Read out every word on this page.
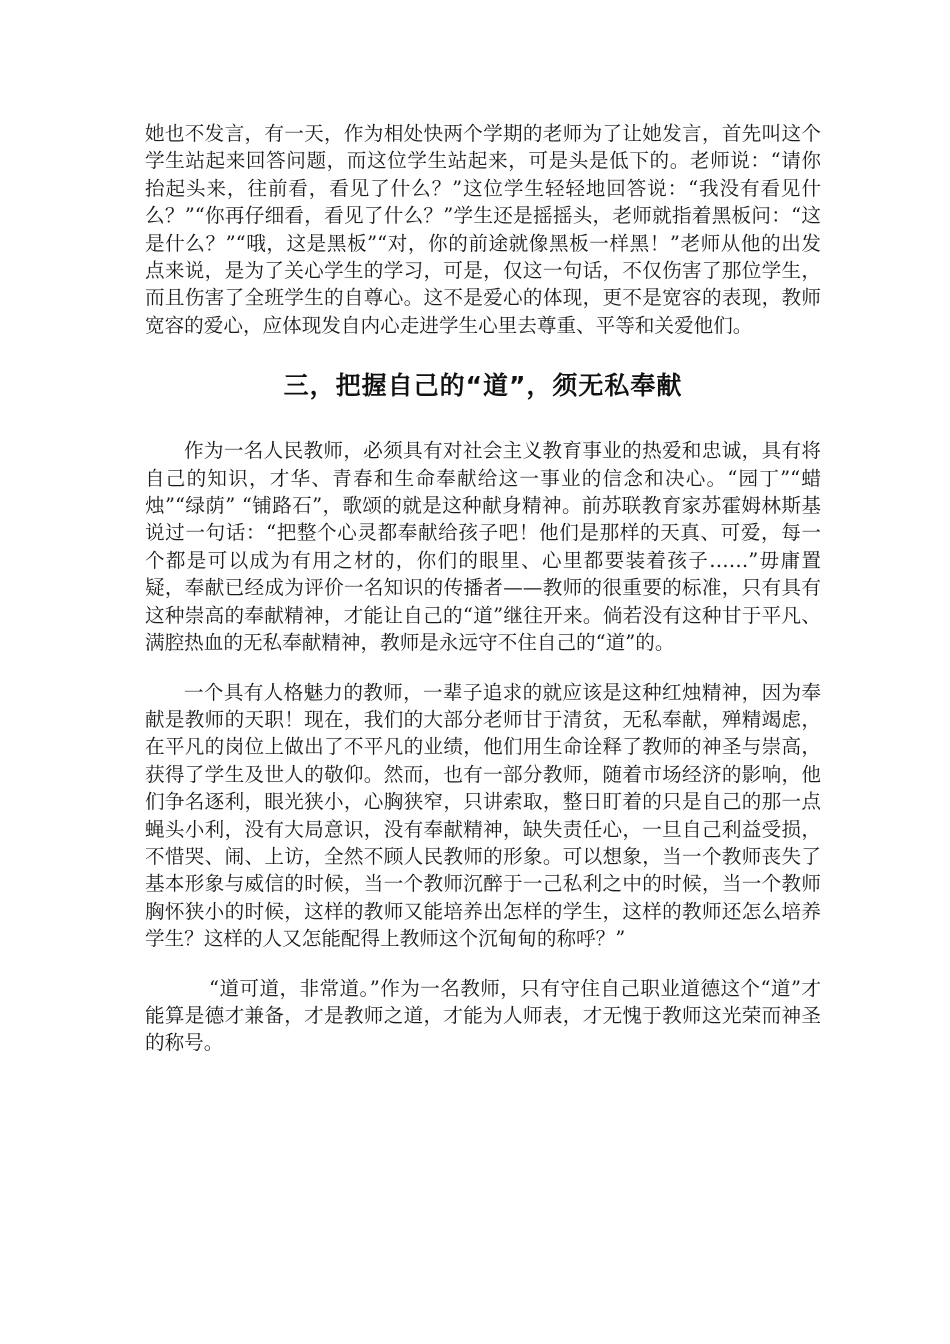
她也不发言，有一天，作为相处快两个学期的老师为了让她发言，首先叫这个学生站起来回答问题，而这位学生站起来，可是头是低下的。老师说：“请你抬起头来，往前看，看见了什么？”这位学生轻轻地回答说：“我没有看见什么？”“你再仔细看，看见了什么？”学生还是摇摇头，老师就指着黑板问：“这是什么？”“哦，这是黑板”“对，你的前途就像黑板一样黑！”老师从他的出发点来说，是为了关心学生的学习，可是，仅这一句话，不仅伤害了那位学生，而且伤害了全班学生的自尊心。这不是爱心的体现，更不是宽容的表现，教师宽容的爱心，应体现发自内心走进学生心里去尊重、平等和关爱他们。

三，把握自己的“道”，须无私奉献

作为一名人民教师，必须具有对社会主义教育事业的热爱和忠诚，具有将自己的知识，才华、青春和生命奉献给这一事业的信念和决心。“园丁”“蜡烛”“绿荫” “铺路石”，歌颂的就是这种献身精神。前苏联教育家苏霍姆林斯基说过一句话：“把整个心灵都奉献给孩子吧！他们是那样的天真、可爱，每一个都是可以成为有用之材的，你们的眼里、心里都要装着孩子……”毋庸置疑，奉献已经成为评价一名知识的传播者——教师的很重要的标准，只有具有这种崇高的奉献精神，才能让自己的“道”继往开来。倘若没有这种甘于平凡、满腔热血的无私奉献精神，教师是永远守不住自己的“道”的。

一个具有人格魅力的教师，一辈子追求的就应该是这种红烛精神，因为奉献是教师的天职！现在，我们的大部分老师甘于清贫，无私奉献，殚精竭虑，在平凡的岗位上做出了不平凡的业绩，他们用生命诠释了教师的神圣与崇高，获得了学生及世人的敬仰。然而，也有一部分教师，随着市场经济的影响，他们争名逐利，眼光狭小，心胸狭窄，只讲索取，整日盯着的只是自己的那一点蝇头小利，没有大局意识，没有奉献精神，缺失责任心，一旦自己利益受损，不惜哭、闹、上访，全然不顾人民教师的形象。可以想象，当一个教师丧失了基本形象与威信的时候，当一个教师沉醉于一己私利之中的时候，当一个教师胸怀狭小的时候，这样的教师又能培养出怎样的学生，这样的教师还怎么培养学生？这样的人又怎能配得上教师这个沉甸甸的称呼？”

“道可道，非常道。”作为一名教师，只有守住自己职业道德这个“道”才能算是德才兼备，才是教师之道，才能为人师表，才无愧于教师这光荣而神圣的称号。
